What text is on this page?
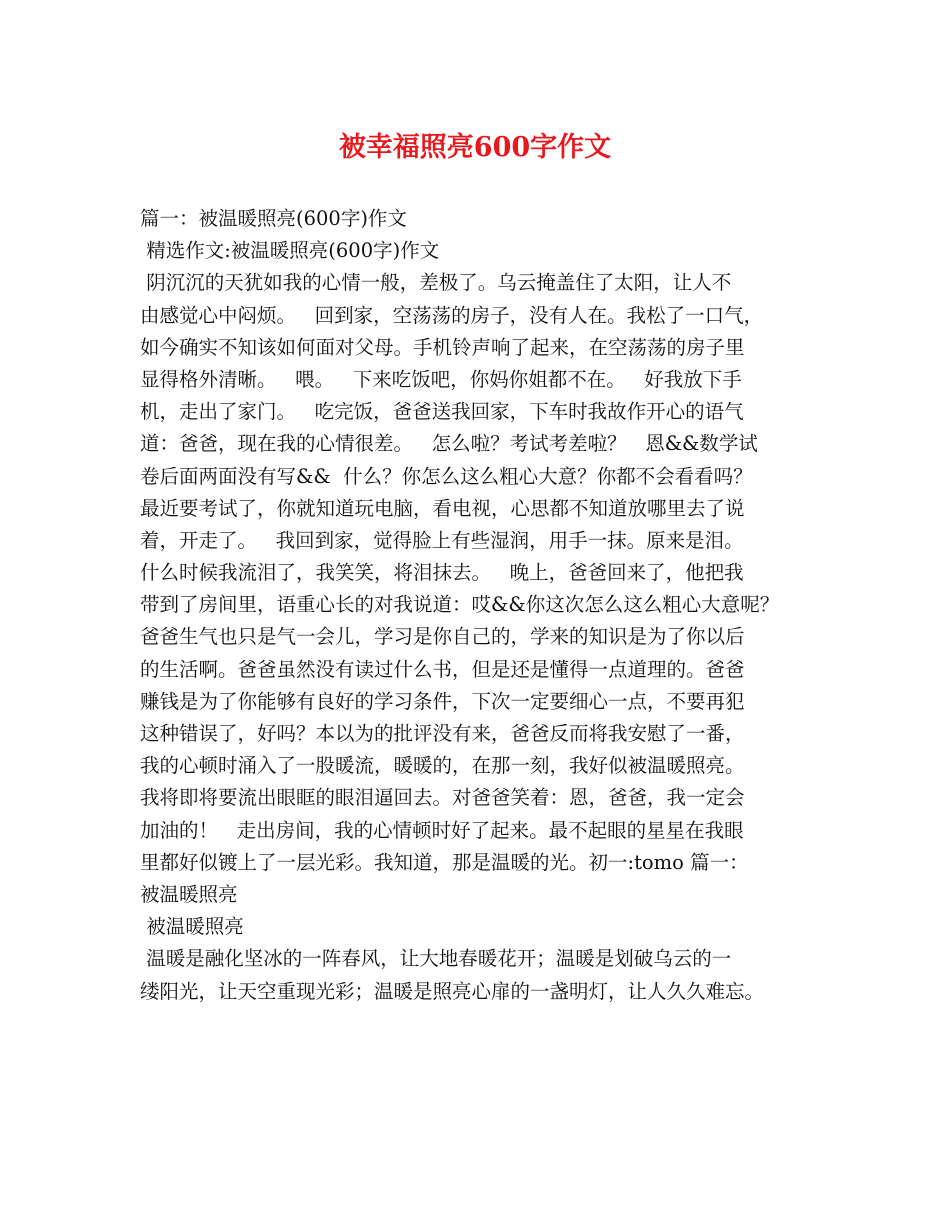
被幸福照亮600字作文
篇一：被温暖照亮(600字)作文
精选作文:被温暖照亮(600字)作文
阴沉沉的天犹如我的心情一般，差极了。乌云掩盖住了太阳，让人不
由感觉心中闷烦。   回到家，空荡荡的房子，没有人在。我松了一口气，
如今确实不知该如何面对父母。手机铃声响了起来，在空荡荡的房子里
显得格外清晰。   喂。   下来吃饭吧，你妈你姐都不在。   好我放下手
机，走出了家门。   吃完饭，爸爸送我回家，下车时我故作开心的语气
道：爸爸，现在我的心情很差。   怎么啦？考试考差啦？   恩&&数学试
卷后面两面没有写&&  什么？你怎么这么粗心大意？你都不会看看吗？
最近要考试了，你就知道玩电脑，看电视，心思都不知道放哪里去了说
着，开走了。   我回到家，觉得脸上有些湿润，用手一抹。原来是泪。
什么时候我流泪了，我笑笑，将泪抹去。   晚上，爸爸回来了，他把我
带到了房间里，语重心长的对我说道：哎&&你这次怎么这么粗心大意呢？
爸爸生气也只是气一会儿，学习是你自己的，学来的知识是为了你以后
的生活啊。爸爸虽然没有读过什么书，但是还是懂得一点道理的。爸爸
赚钱是为了你能够有良好的学习条件，下次一定要细心一点，不要再犯
这种错误了，好吗？本以为的批评没有来，爸爸反而将我安慰了一番，
我的心顿时涌入了一股暖流，暖暖的，在那一刻，我好似被温暖照亮。
我将即将要流出眼眶的眼泪逼回去。对爸爸笑着：恩，爸爸，我一定会
加油的！   走出房间，我的心情顿时好了起来。最不起眼的星星在我眼
里都好似镀上了一层光彩。我知道，那是温暖的光。初一:tomo 篇一：
被温暖照亮
被温暖照亮
温暖是融化坚冰的一阵春风，让大地春暖花开；温暖是划破乌云的一
缕阳光，让天空重现光彩；温暖是照亮心扉的一盏明灯，让人久久难忘。
